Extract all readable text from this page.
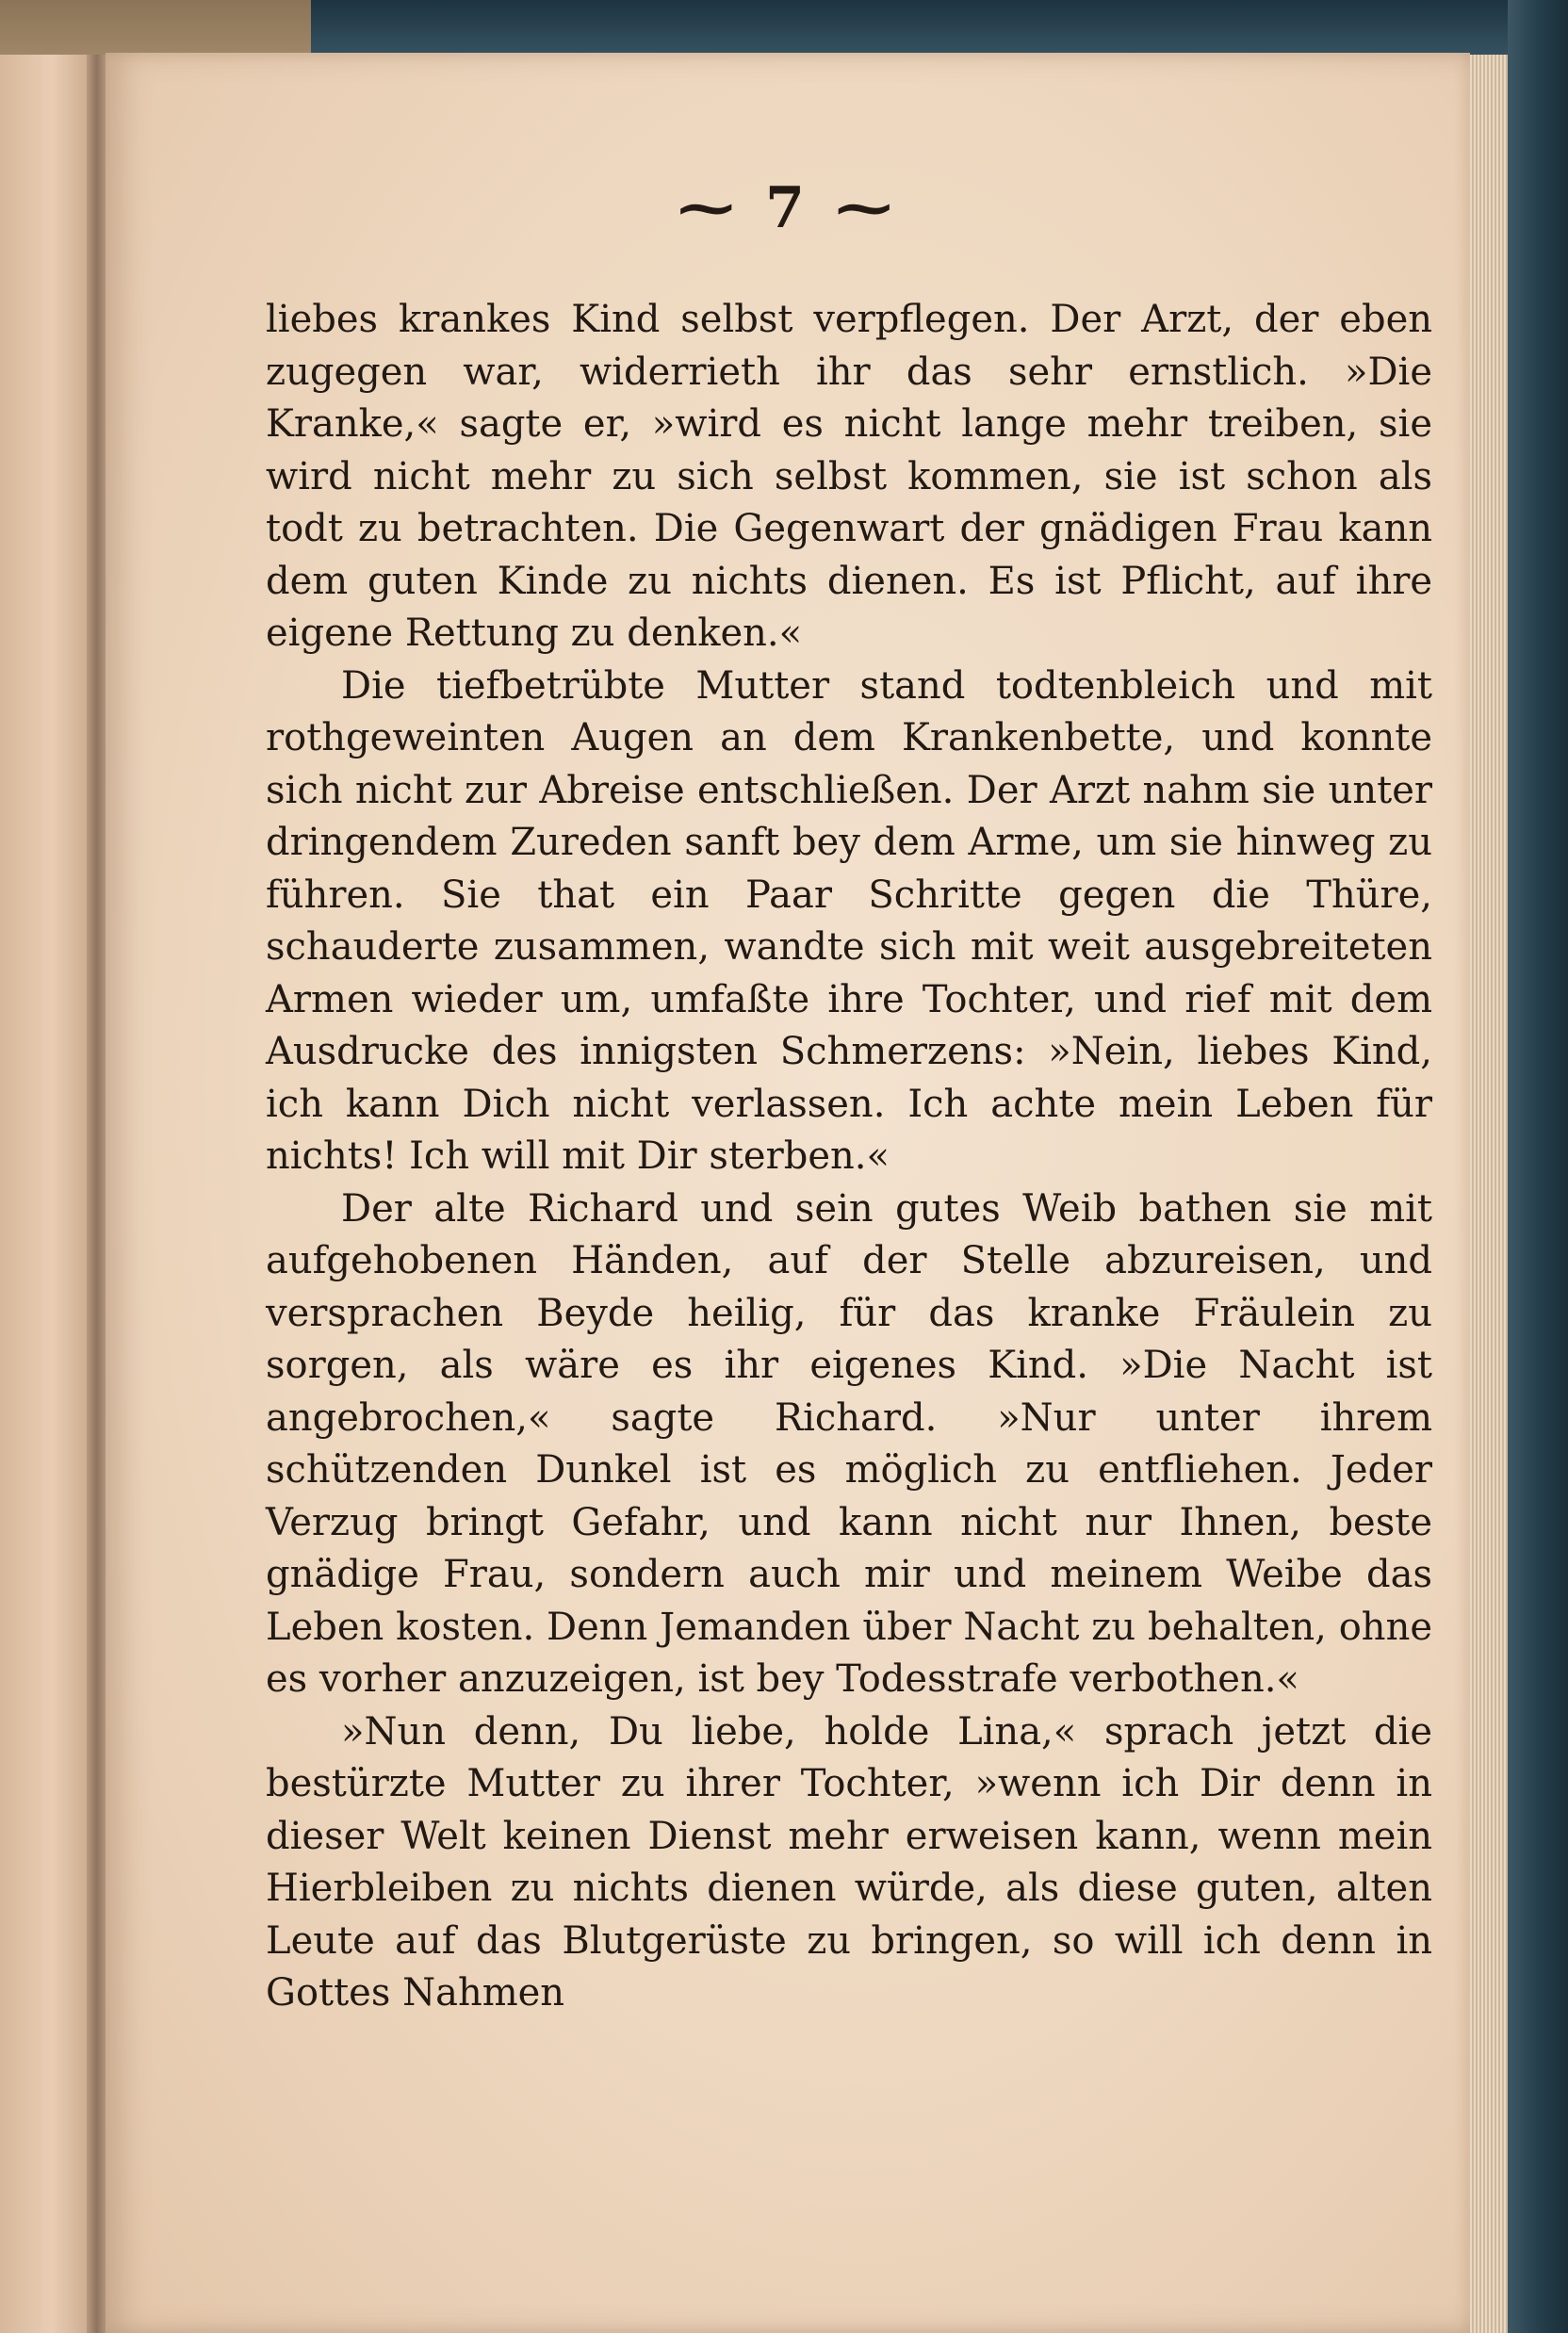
⁓ 7 ⁓

liebes krankes Kind selbst verpflegen. Der Arzt, der eben zugegen war, widerrieth ihr das sehr ernstlich. »Die Kranke,« sagte er, »wird es nicht lange mehr treiben, sie wird nicht mehr zu sich selbst kommen, sie ist schon als todt zu betrachten. Die Gegenwart der gnädigen Frau kann dem guten Kinde zu nichts dienen. Es ist Pflicht, auf ihre eigene Rettung zu denken.«

Die tiefbetrübte Mutter stand todtenbleich und mit rothgeweinten Augen an dem Krankenbette, und konnte sich nicht zur Abreise entschließen. Der Arzt nahm sie unter dringendem Zureden sanft bey dem Arme, um sie hinweg zu führen. Sie that ein Paar Schritte gegen die Thüre, schauderte zusammen, wandte sich mit weit ausgebreiteten Armen wieder um, umfaßte ihre Tochter, und rief mit dem Ausdrucke des innigsten Schmerzens: »Nein, liebes Kind, ich kann Dich nicht verlassen. Ich achte mein Leben für nichts! Ich will mit Dir sterben.«

Der alte Richard und sein gutes Weib bathen sie mit aufgehobenen Händen, auf der Stelle abzureisen, und versprachen Beyde heilig, für das kranke Fräulein zu sorgen, als wäre es ihr eigenes Kind. »Die Nacht ist angebrochen,« sagte Richard. »Nur unter ihrem schützenden Dunkel ist es möglich zu entfliehen. Jeder Verzug bringt Gefahr, und kann nicht nur Ihnen, beste gnädige Frau, sondern auch mir und meinem Weibe das Leben kosten. Denn Jemanden über Nacht zu behalten, ohne es vorher anzuzeigen, ist bey Todesstrafe verbothen.«

»Nun denn, Du liebe, holde Lina,« sprach jetzt die bestürzte Mutter zu ihrer Tochter, »wenn ich Dir denn in dieser Welt keinen Dienst mehr erweisen kann, wenn mein Hierbleiben zu nichts dienen würde, als diese guten, alten Leute auf das Blutgerüste zu bringen, so will ich denn in Gottes Nahmen
